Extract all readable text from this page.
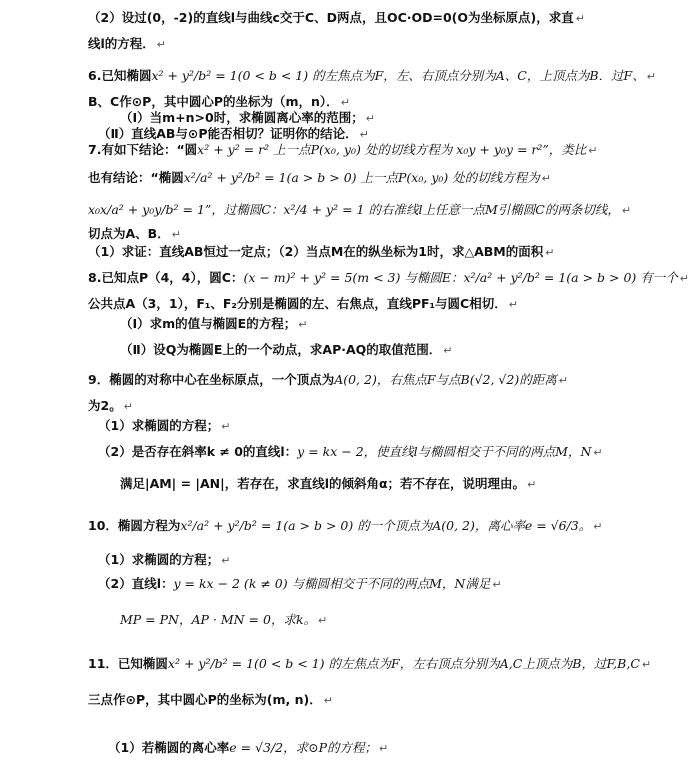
（2）设过(0，-2)的直线l与曲线c交于C、D两点，且OC·OD=0(O为坐标原点)，求直 ↵
线l的方程． ↵
6.已知椭圆x² + y²/b² = 1(0 < b < 1) 的左焦点为F，左、右顶点分别为A、C，上顶点为B．过F、 ↵
B、C作⊙P，其中圆心P的坐标为（m，n）． ↵
（Ⅰ）当m+n>0时，求椭圆离心率的范围； ↵
（Ⅱ）直线AB与⊙P能否相切？证明你的结论． ↵
7.有如下结论：“圆x² + y² = r² 上一点P(x₀, y₀) 处的切线方程为 x₀y + y₀y = r²”，类比 ↵
也有结论：“椭圆x²/a² + y²/b² = 1(a > b > 0) 上一点P(x₀, y₀) 处的切线方程为 ↵
x₀x/a² + y₀y/b² = 1”，过椭圆C：x²/4 + y² = 1 的右准线l上任意一点M引椭圆C的两条切线， ↵
切点为A、B． ↵
（1）求证：直线AB恒过一定点；（2）当点M在的纵坐标为1时，求△ABM的面积 ↵
8.已知点P（4，4），圆C：(x − m)² + y² = 5(m < 3) 与椭圆E：x²/a² + y²/b² = 1(a > b > 0) 有一个 ↵
公共点A（3，1），F₁、F₂分别是椭圆的左、右焦点，直线PF₁与圆C相切． ↵
（Ⅰ）求m的值与椭圆E的方程； ↵
（Ⅱ）设Q为椭圆E上的一个动点，求AP·AQ的取值范围． ↵
9．椭圆的对称中心在坐标原点，一个顶点为A(0, 2)，右焦点F与点B(√2, √2)的距离 ↵
为2。 ↵
（1）求椭圆的方程； ↵
（2）是否存在斜率k ≠ 0的直线l：y = kx − 2，使直线l与椭圆相交于不同的两点M，N ↵
满足|AM| = |AN|，若存在，求直线l的倾斜角α；若不存在，说明理由。 ↵
10．椭圆方程为x²/a² + y²/b² = 1(a > b > 0) 的一个顶点为A(0, 2)，离心率e = √6/3。 ↵
（1）求椭圆的方程； ↵
（2）直线l：y = kx − 2 (k ≠ 0) 与椭圆相交于不同的两点M，N满足 ↵
MP = PN，AP · MN = 0，求k。 ↵
11．已知椭圆x² + y²/b² = 1(0 < b < 1) 的左焦点为F，左右顶点分别为A,C上顶点为B，过F,B,C ↵
三点作⊙P，其中圆心P的坐标为(m, n)． ↵
（1）若椭圆的离心率e = √3/2，求⊙P的方程； ↵
